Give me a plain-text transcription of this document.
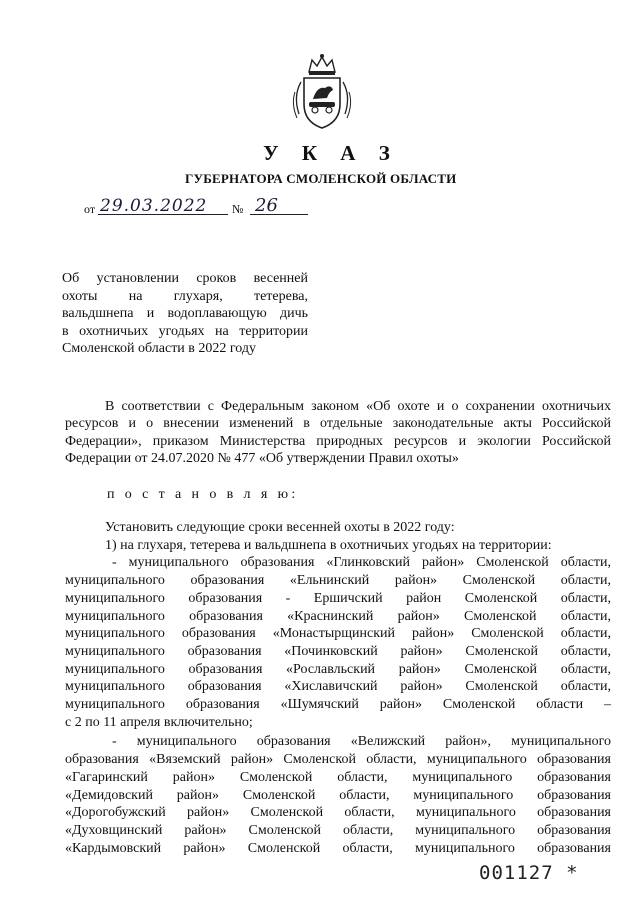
У К А З
ГУБЕРНАТОРА СМОЛЕНСКОЙ ОБЛАСТИ
от 29.03.2022 № 26
Об установлении сроков весенней
охоты на глухаря, тетерева,
вальдшнепа и водоплавающую дичь
в охотничьих угодьях на территории
Смоленской области в 2022 году
В соответствии с Федеральным законом «Об охоте и о сохранении охотничьих
ресурсов и о внесении изменений в отдельные законодательные акты Российской
Федерации», приказом Министерства природных ресурсов и экологии Российской
Федерации от 24.07.2020 № 477 «Об утверждении Правил охоты»
п о с т а н о в л я ю:
Установить следующие сроки весенней охоты в 2022 году:
1) на глухаря, тетерева и вальдшнепа в охотничьих угодьях на территории:
- муниципального образования «Глинковский район» Смоленской области,
муниципального образования «Ельнинский район» Смоленской области,
муниципального образования - Ершичский район Смоленской области,
муниципального образования «Краснинский район» Смоленской области,
муниципального образования «Монастырщинский район» Смоленской области,
муниципального образования «Починковский район» Смоленской области,
муниципального образования «Рославльский район» Смоленской области,
муниципального образования «Хиславичский район» Смоленской области,
муниципального образования «Шумячский район» Смоленской области –
с 2 по 11 апреля включительно;
- муниципального образования «Велижский район», муниципального
образования «Вяземский район» Смоленской области, муниципального образования
«Гагаринский район» Смоленской области, муниципального образования
«Демидовский район» Смоленской области, муниципального образования
«Дорогобужский район» Смоленской области, муниципального образования
«Духовщинский район» Смоленской области, муниципального образования
«Кардымовский район» Смоленской области, муниципального образования
001127 *
